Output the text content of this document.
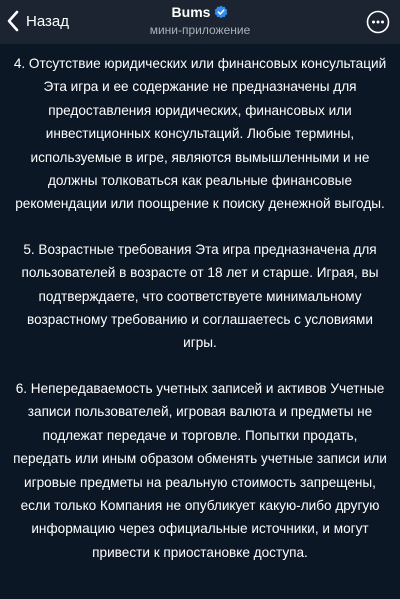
Назад
Bums
мини-приложение

4. Отсутствие юридических или финансовых консультаций Эта игра и ее содержание не предназначены для предоставления юридических, финансовых или инвестиционных консультаций. Любые термины, используемые в игре, являются вымышленными и не должны толковаться как реальные финансовые рекомендации или поощрение к поиску денежной выгоды.

5. Возрастные требования Эта игра предназначена для пользователей в возрасте от 18 лет и старше. Играя, вы подтверждаете, что соответствуете минимальному возрастному требованию и соглашаетесь с условиями игры.

6. Непередаваемость учетных записей и активов Учетные записи пользователей, игровая валюта и предметы не подлежат передаче и торговле. Попытки продать, передать или иным образом обменять учетные записи или игровые предметы на реальную стоимость запрещены, если только Компания не опубликует какую-либо другую информацию через официальные источники, и могут привести к приостановке доступа.
